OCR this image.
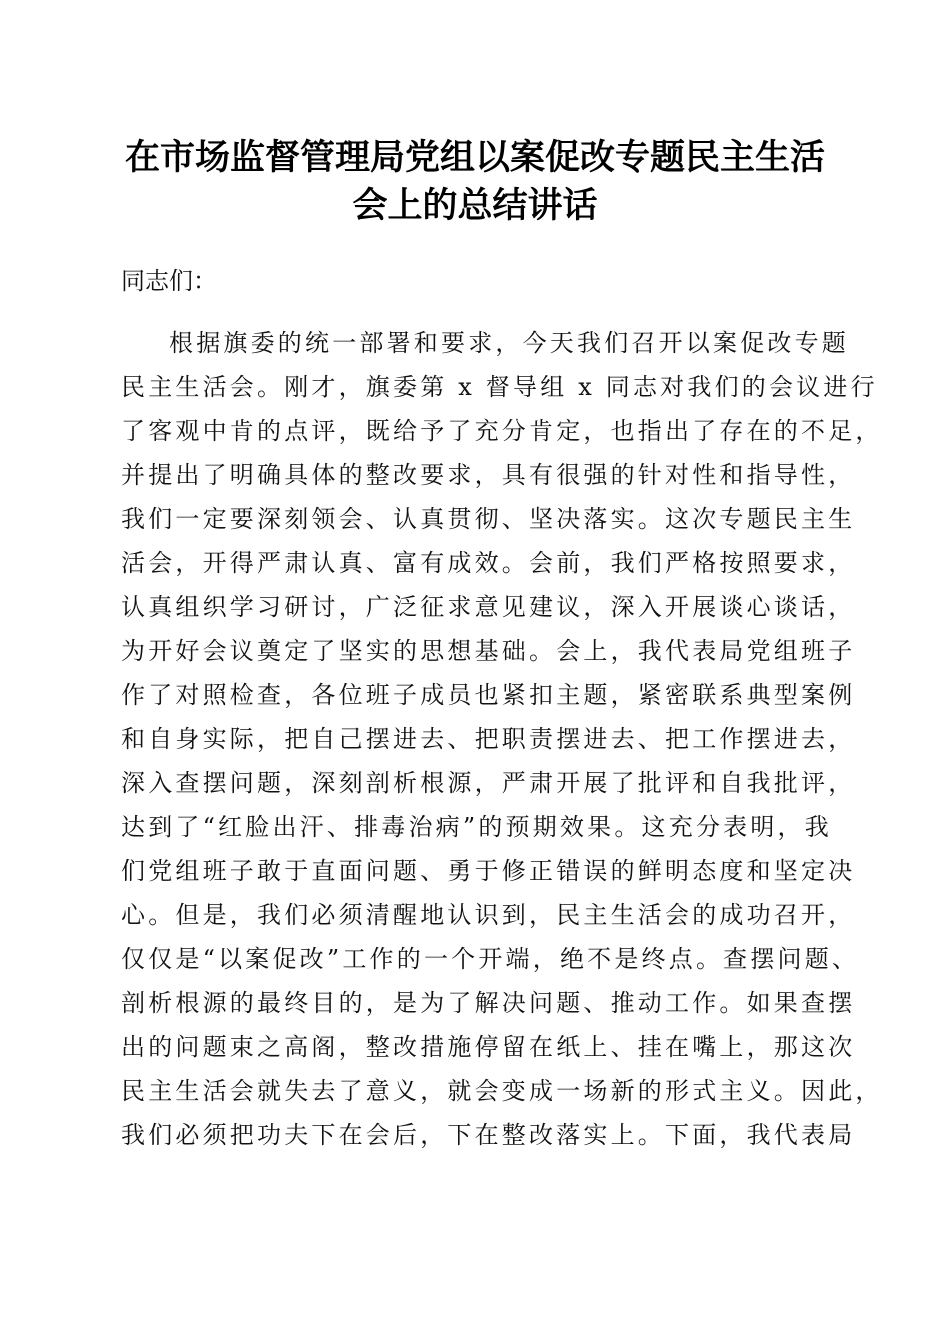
在市场监督管理局党组以案促改专题民主生活
会上的总结讲话

同志们：

根据旗委的统一部署和要求，今天我们召开以案促改专题
民主生活会。刚才，旗委第 x 督导组 x 同志对我们的会议进行
了客观中肯的点评，既给予了充分肯定，也指出了存在的不足，
并提出了明确具体的整改要求，具有很强的针对性和指导性，
我们一定要深刻领会、认真贯彻、坚决落实。这次专题民主生
活会，开得严肃认真、富有成效。会前，我们严格按照要求，
认真组织学习研讨，广泛征求意见建议，深入开展谈心谈话，
为开好会议奠定了坚实的思想基础。会上，我代表局党组班子
作了对照检查，各位班子成员也紧扣主题，紧密联系典型案例
和自身实际，把自己摆进去、把职责摆进去、把工作摆进去，
深入查摆问题，深刻剖析根源，严肃开展了批评和自我批评，
达到了“红脸出汗、排毒治病”的预期效果。这充分表明，我
们党组班子敢于直面问题、勇于修正错误的鲜明态度和坚定决
心。但是，我们必须清醒地认识到，民主生活会的成功召开，
仅仅是“以案促改”工作的一个开端，绝不是终点。查摆问题、
剖析根源的最终目的，是为了解决问题、推动工作。如果查摆
出的问题束之高阁，整改措施停留在纸上、挂在嘴上，那这次
民主生活会就失去了意义，就会变成一场新的形式主义。因此，
我们必须把功夫下在会后，下在整改落实上。下面，我代表局
